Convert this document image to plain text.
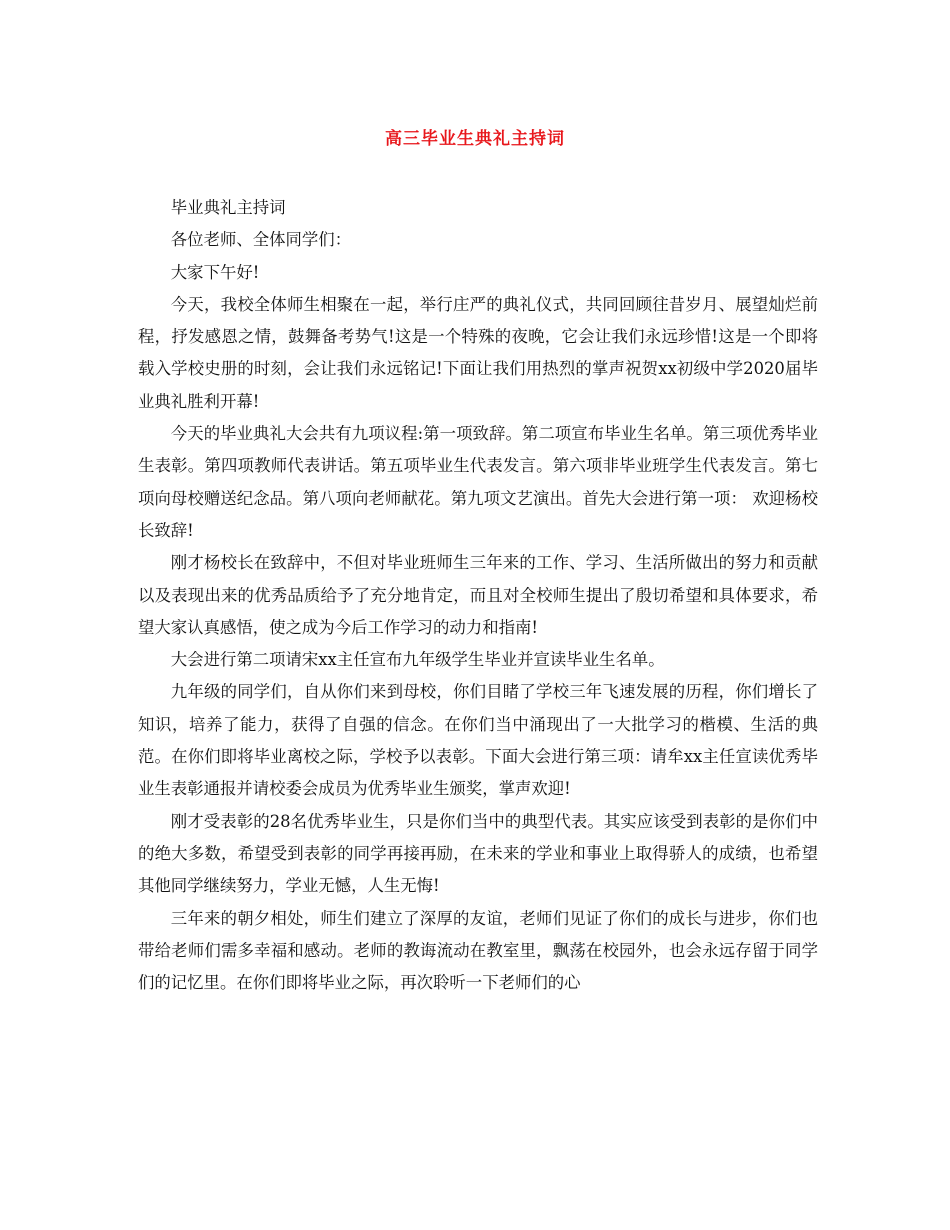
高三毕业生典礼主持词

毕业典礼主持词

各位老师、全体同学们：

大家下午好!

今天，我校全体师生相聚在一起，举行庄严的典礼仪式，共同回顾往昔岁月、展望灿烂前程，抒发感恩之情，鼓舞备考势气!这是一个特殊的夜晚，它会让我们永远珍惜!这是一个即将载入学校史册的时刻，会让我们永远铭记!下面让我们用热烈的掌声祝贺xx初级中学2020届毕业典礼胜利开幕!

今天的毕业典礼大会共有九项议程:第一项致辞。第二项宣布毕业生名单。第三项优秀毕业生表彰。第四项教师代表讲话。第五项毕业生代表发言。第六项非毕业班学生代表发言。第七项向母校赠送纪念品。第八项向老师献花。第九项文艺演出。首先大会进行第一项： 欢迎杨校长致辞!

刚才杨校长在致辞中，不但对毕业班师生三年来的工作、学习、生活所做出的努力和贡献以及表现出来的优秀品质给予了充分地肯定，而且对全校师生提出了殷切希望和具体要求，希望大家认真感悟，使之成为今后工作学习的动力和指南!

大会进行第二项请宋xx主任宣布九年级学生毕业并宣读毕业生名单。

九年级的同学们，自从你们来到母校，你们目睹了学校三年飞速发展的历程，你们增长了知识，培养了能力，获得了自强的信念。在你们当中涌现出了一大批学习的楷模、生活的典范。在你们即将毕业离校之际，学校予以表彰。下面大会进行第三项：请牟xx主任宣读优秀毕业生表彰通报并请校委会成员为优秀毕业生颁奖，掌声欢迎!

刚才受表彰的28名优秀毕业生，只是你们当中的典型代表。其实应该受到表彰的是你们中的绝大多数，希望受到表彰的同学再接再励，在未来的学业和事业上取得骄人的成绩，也希望其他同学继续努力，学业无憾，人生无悔!

三年来的朝夕相处，师生们建立了深厚的友谊，老师们见证了你们的成长与进步，你们也带给老师们需多幸福和感动。老师的教诲流动在教室里，飘荡在校园外，也会永远存留于同学们的记忆里。在你们即将毕业之际，再次聆听一下老师们的心
